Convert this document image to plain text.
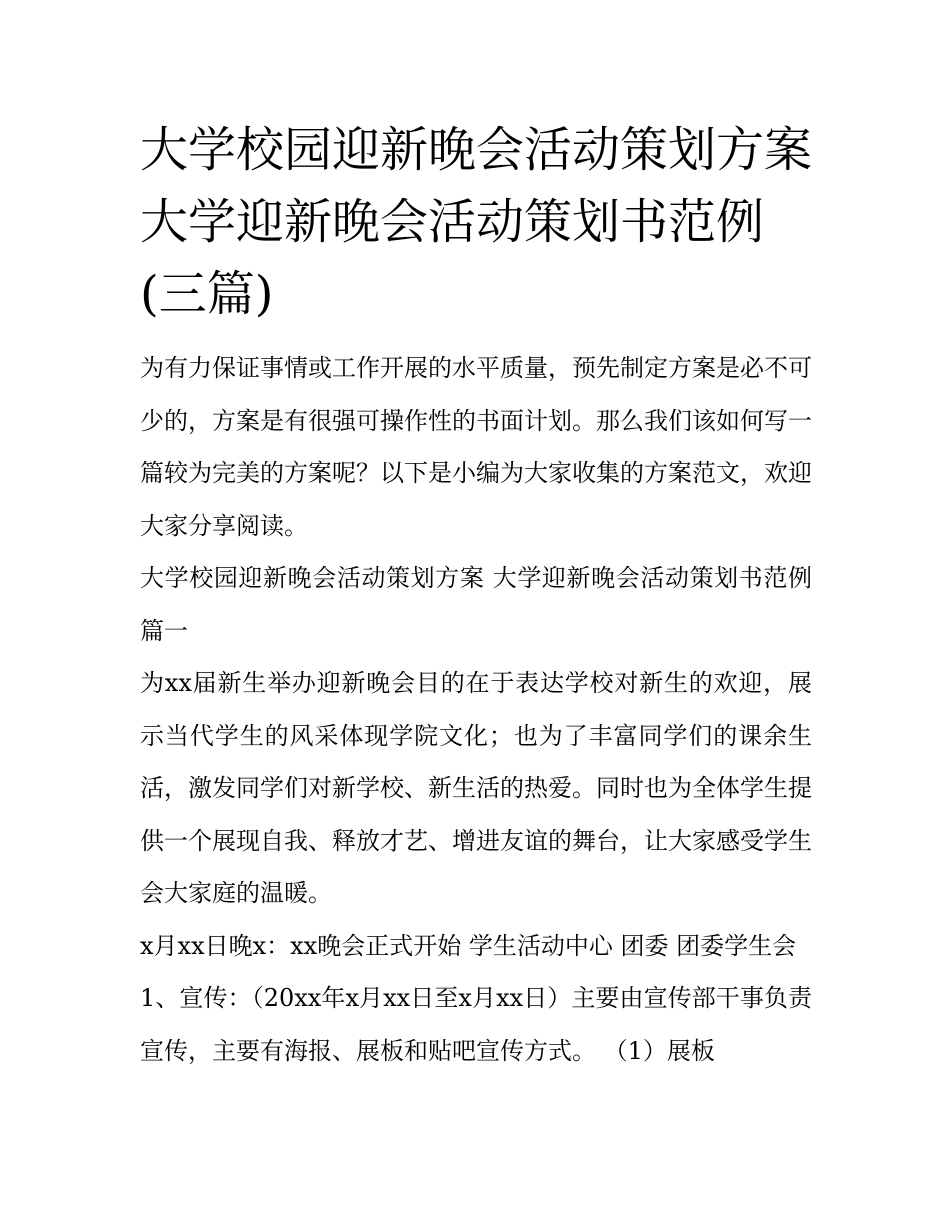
大学校园迎新晚会活动策划方案 大学迎新晚会活动策划书范例(三篇)

为有力保证事情或工作开展的水平质量，预先制定方案是必不可少的，方案是有很强可操作性的书面计划。那么我们该如何写一篇较为完美的方案呢？以下是小编为大家收集的方案范文，欢迎大家分享阅读。

大学校园迎新晚会活动策划方案 大学迎新晚会活动策划书范例篇一

为xx届新生举办迎新晚会目的在于表达学校对新生的欢迎，展示当代学生的风采体现学院文化；也为了丰富同学们的课余生活，激发同学们对新学校、新生活的热爱。同时也为全体学生提供一个展现自我、释放才艺、增进友谊的舞台，让大家感受学生会大家庭的温暖。

x月xx日晚x：xx晚会正式开始 学生活动中心 团委 团委学生会

1、宣传：（20xx年x月xx日至x月xx日）主要由宣传部干事负责宣传，主要有海报、展板和贴吧宣传方式。 （1）展板
